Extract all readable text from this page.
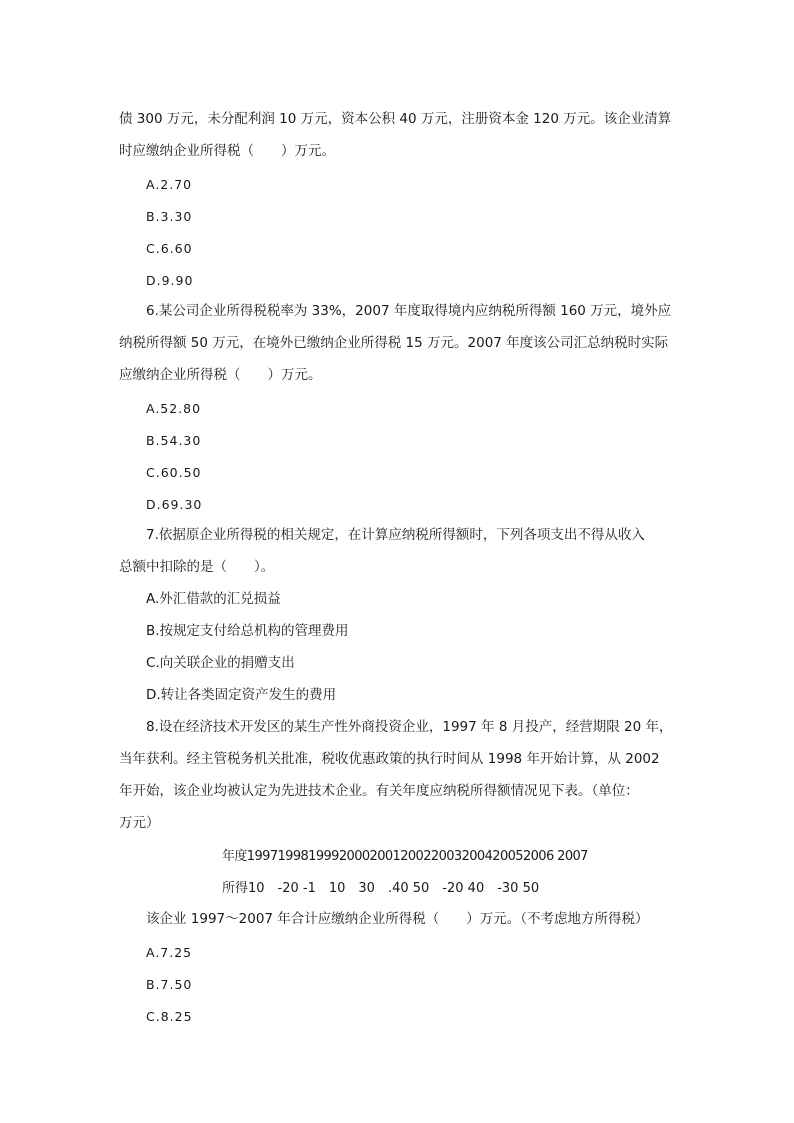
债 300 万元，未分配利润 10 万元，资本公积 40 万元，注册资本金 120 万元。该企业清算
时应缴纳企业所得税（　　）万元。
A.2.70
B.3.30
C.6.60
D.9.90
6.某公司企业所得税税率为 33%，2007 年度取得境内应纳税所得额 160 万元，境外应
纳税所得额 50 万元，在境外已缴纳企业所得税 15 万元。2007 年度该公司汇总纳税时实际
应缴纳企业所得税（　　）万元。
A.52.80
B.54.30
C.60.50
D.69.30
7.依据原企业所得税的相关规定，在计算应纳税所得额时，下列各项支出不得从收入
总额中扣除的是（　　）。
A.外汇借款的汇兑损益
B.按规定支付给总机构的管理费用
C.向关联企业的捐赠支出
D.转让各类固定资产发生的费用
8.设在经济技术开发区的某生产性外商投资企业，1997 年 8 月投产，经营期限 20 年，
当年获利。经主管税务机关批准，税收优惠政策的执行时间从 1998 年开始计算，从 2002
年开始，该企业均被认定为先进技术企业。有关年度应纳税所得额情况见下表。（单位：
万元）
年度1997199819992000200120022003200420052006 2007
所得10　-20 -1　10　30　.40 50　-20 40　-30 50
该企业 1997～2007 年合计应缴纳企业所得税（　　）万元。（不考虑地方所得税）
A.7.25
B.7.50
C.8.25
